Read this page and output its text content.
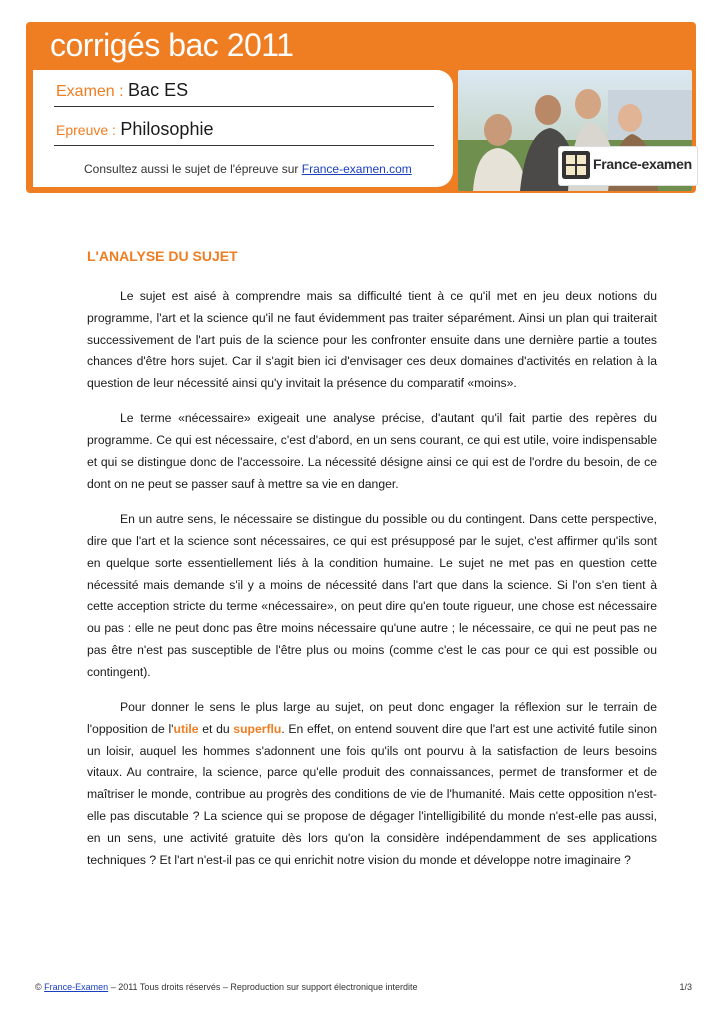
corrigés bac 2011
Examen : Bac ES
Epreuve : Philosophie
Consultez aussi le sujet de l'épreuve sur France-examen.com	France-examen
L'ANALYSE DU SUJET

Le sujet est aisé à comprendre mais sa difficulté tient à ce qu'il met en jeu deux notions du programme, l'art et la science qu'il ne faut évidemment pas traiter séparément. Ainsi un plan qui traiterait successivement de l'art puis de la science pour les confronter ensuite dans une dernière partie a toutes chances d'être hors sujet. Car il s'agit bien ici d'envisager ces deux domaines d'activités en relation à la question de leur nécessité ainsi qu'y invitait la présence du comparatif «moins».

Le terme «nécessaire» exigeait une analyse précise, d'autant qu'il fait partie des repères du programme. Ce qui est nécessaire, c'est d'abord, en un sens courant, ce qui est utile, voire indispensable et qui se distingue donc de l'accessoire. La nécessité désigne ainsi ce qui est de l'ordre du besoin, de ce dont on ne peut se passer sauf à mettre sa vie en danger.

En un autre sens, le nécessaire se distingue du possible ou du contingent. Dans cette perspective, dire que l'art et la science sont nécessaires, ce qui est présupposé par le sujet, c'est affirmer qu'ils sont en quelque sorte essentiellement liés à la condition humaine. Le sujet ne met pas en question cette nécessité mais demande s'il y a moins de nécessité dans l'art que dans la science. Si l'on s'en tient à cette acception stricte du terme «nécessaire», on peut dire qu'en toute rigueur, une chose est nécessaire ou pas : elle ne peut donc pas être moins nécessaire qu'une autre ; le nécessaire, ce qui ne peut pas ne pas être n'est pas susceptible de l'être plus ou moins (comme c'est le cas pour ce qui est possible ou contingent).

Pour donner le sens le plus large au sujet, on peut donc engager la réflexion sur le terrain de l'opposition de l'utile et du superflu. En effet, on entend souvent dire que l'art est une activité futile sinon un loisir, auquel les hommes s'adonnent une fois qu'ils ont pourvu à la satisfaction de leurs besoins vitaux. Au contraire, la science, parce qu'elle produit des connaissances, permet de transformer et de maîtriser le monde, contribue au progrès des conditions de vie de l'humanité. Mais cette opposition n'est-elle pas discutable ? La science qui se propose de dégager l'intelligibilité du monde n'est-elle pas aussi, en un sens, une activité gratuite dès lors qu'on la considère indépendamment de ses applications techniques ? Et l'art n'est-il pas ce qui enrichit notre vision du monde et développe notre imaginaire ?

© France-Examen – 2011 Tous droits réservés – Reproduction sur support électronique interdite	1/3
